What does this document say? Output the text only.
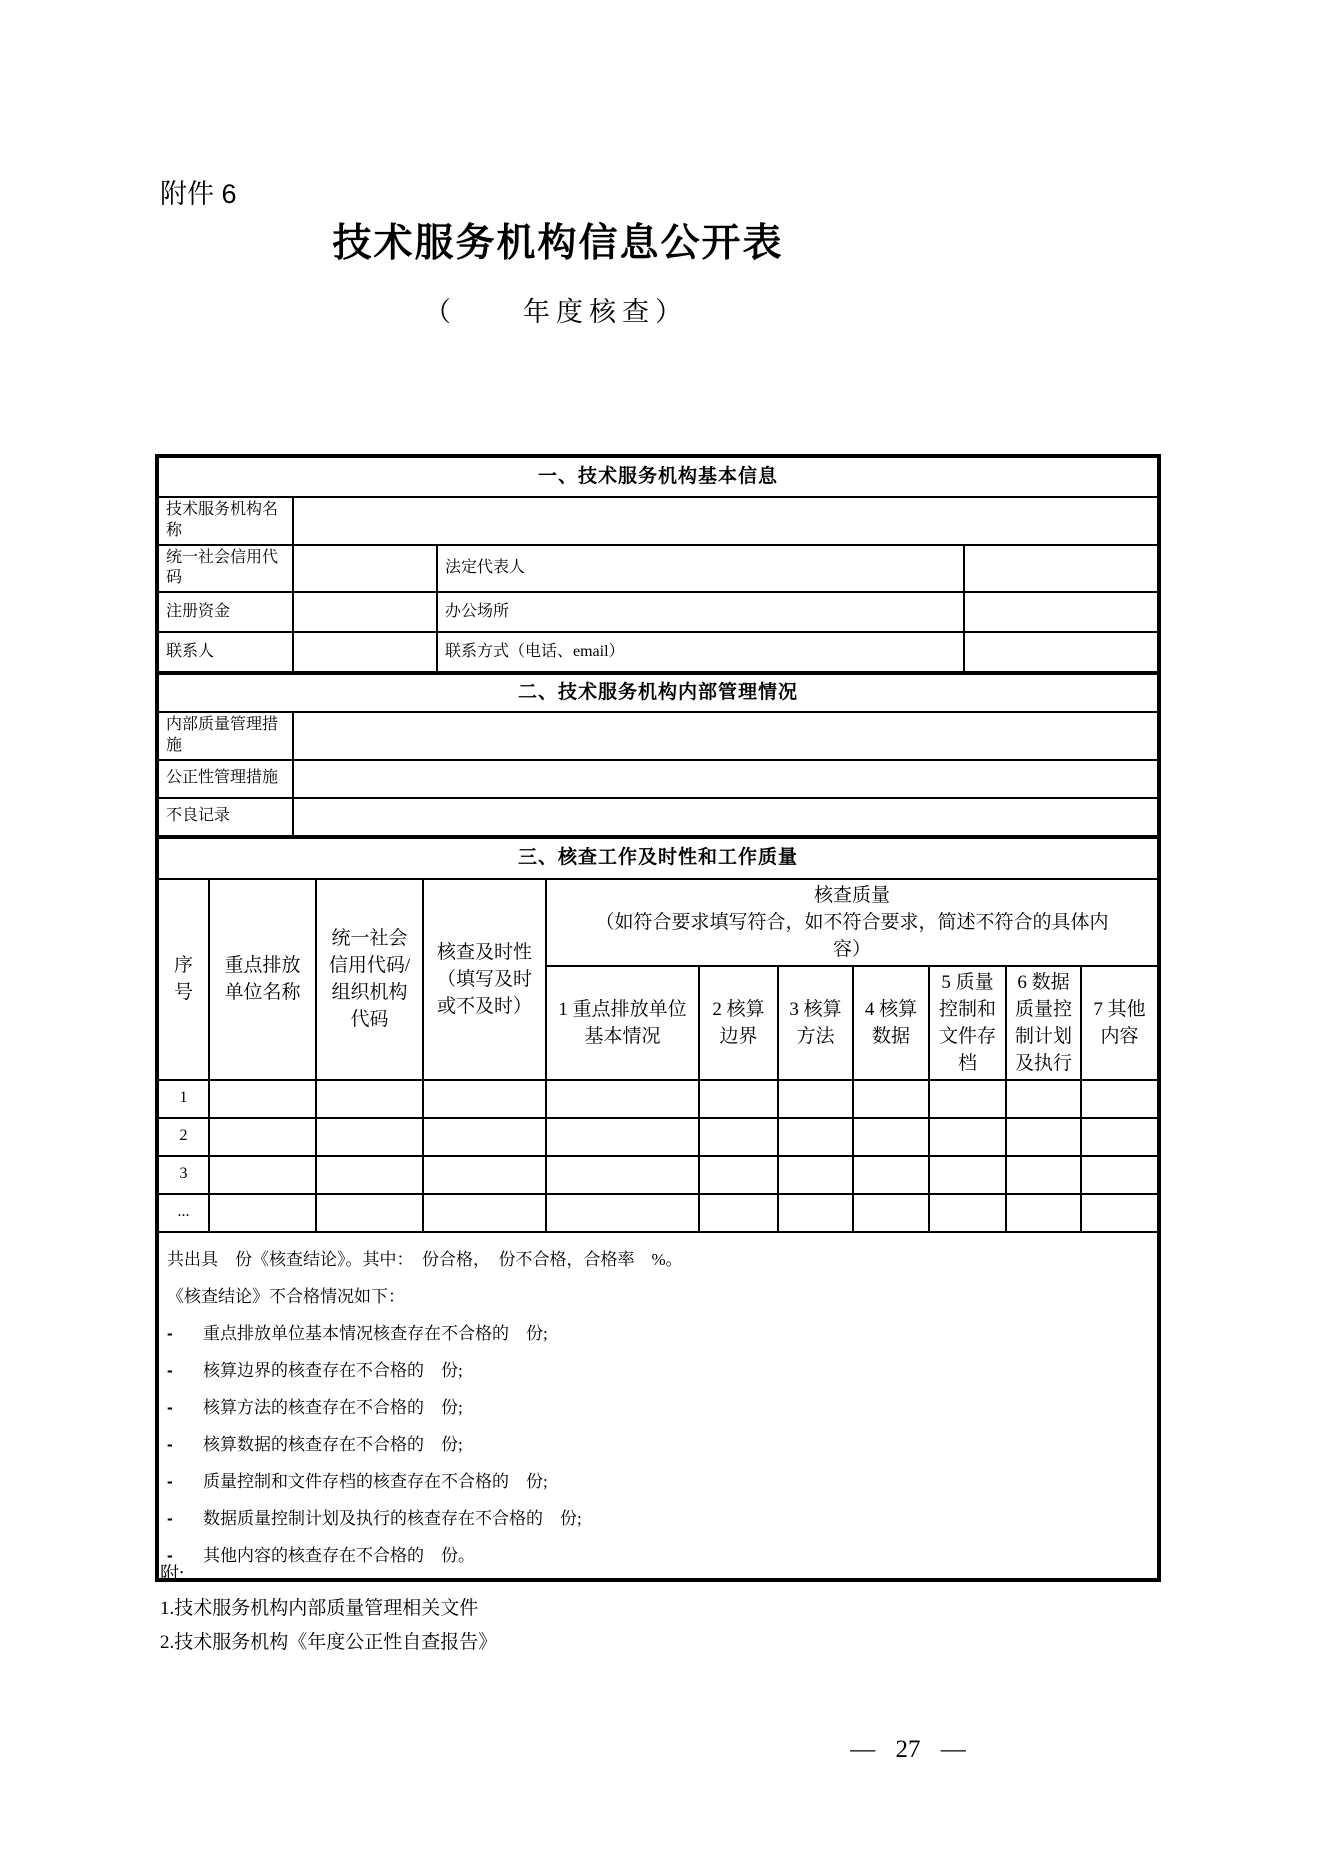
附件 6
技术服务机构信息公开表
（　　年度核查）
一、技术服务机构基本信息			
技术服务机构名称			
统一社会信用代码		法定代表人	
注册资金		办公场所	
联系人		联系方式（电话、email）	
二、技术服务机构内部管理情况	
内部质量管理措施	
公正性管理措施	
不良记录	
三、核查工作及时性和工作质量										
序号	重点排放单位名称	统一社会信用代码/组织机构代码	核查及时性（填写及时或不及时）	核查质量
（如符合要求填写符合，如不符合要求，简述不符合的具体内容）						

				1 重点排放单位基本情况	2 核算边界	3 核算方法	4 核算数据	5 质量控制和文件存档	6 数据质量控制计划及执行	7 其他内容
1										
2										
3										
...										

共出具　份《核查结论》。其中：　份合格，　份不合格，合格率　%。
《核查结论》不合格情况如下：
-	重点排放单位基本情况核查存在不合格的　份;
-	核算边界的核查存在不合格的　份;
-	核算方法的核查存在不合格的　份;
-	核算数据的核查存在不合格的　份;
-	质量控制和文件存档的核查存在不合格的　份;
-	数据质量控制计划及执行的核查存在不合格的　份;
-	其他内容的核查存在不合格的　份。
附:
1.技术服务机构内部质量管理相关文件
2.技术服务机构《年度公正性自查报告》
— 27 —
